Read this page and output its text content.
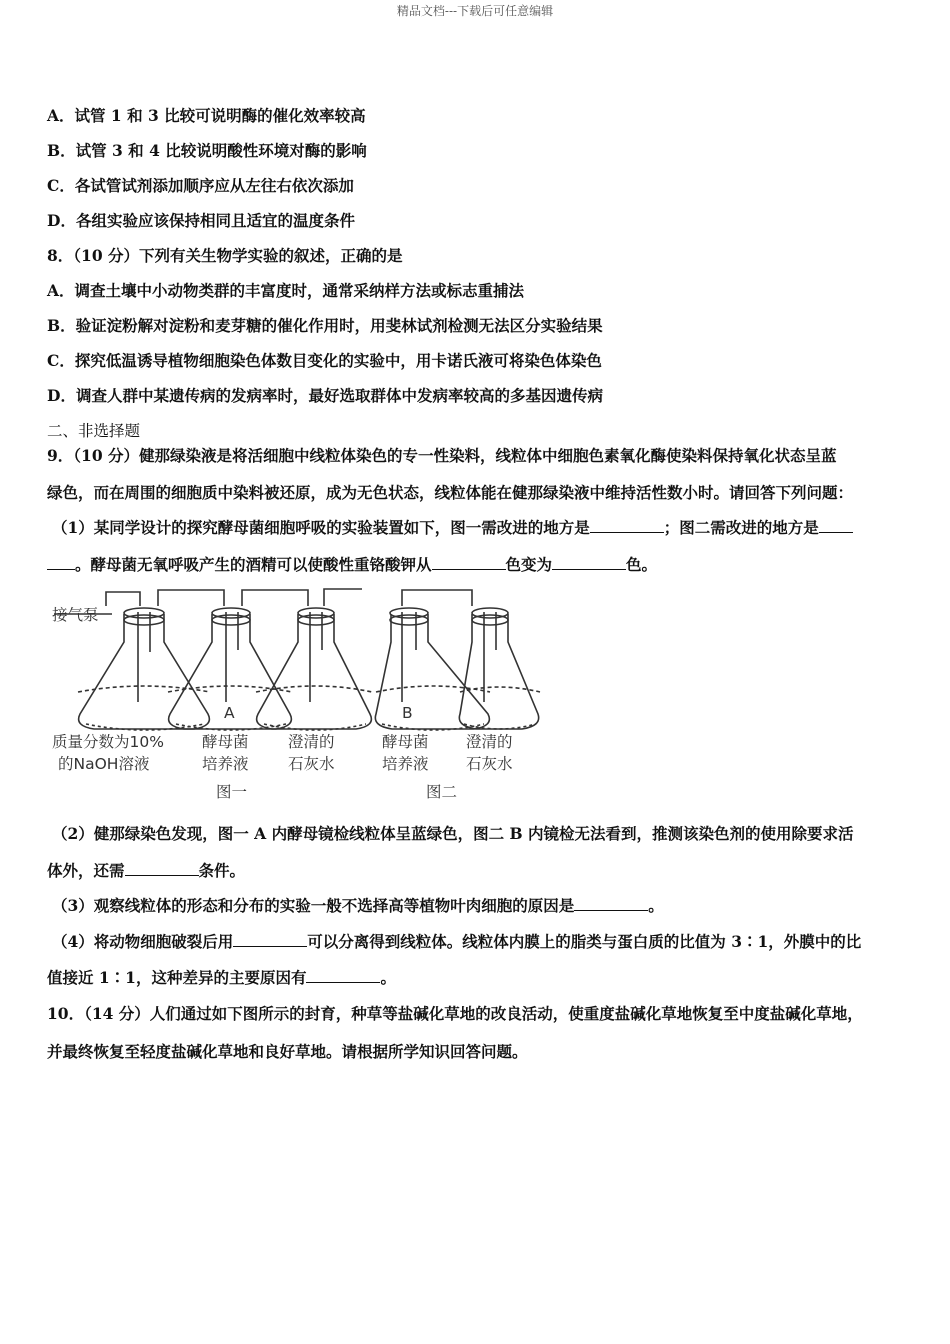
精品文档---下载后可任意编辑
A．试管 1 和 3 比较可说明酶的催化效率较高
B．试管 3 和 4 比较说明酸性环境对酶的影响
C．各试管试剂添加顺序应从左往右依次添加
D．各组实验应该保持相同且适宜的温度条件
8．（10 分）下列有关生物学实验的叙述，正确的是
A．调查土壤中小动物类群的丰富度时，通常采纳样方法或标志重捕法
B．验证淀粉解对淀粉和麦芽糖的催化作用时，用斐林试剂检测无法区分实验结果
C．探究低温诱导植物细胞染色体数目变化的实验中，用卡诺氏液可将染色体染色
D．调查人群中某遗传病的发病率时，最好选取群体中发病率较高的多基因遗传病
二、非选择题
9．（10 分）健那绿染液是将活细胞中线粒体染色的专一性染料，线粒体中细胞色素氧化酶使染料保持氧化状态呈蓝
绿色，而在周围的细胞质中染料被还原，成为无色状态，线粒体能在健那绿染液中维持活性数小时。请回答下列问题：
（1）某同学设计的探究酵母菌细胞呼吸的实验装置如下，图一需改进的地方是	；图二需改进的地方是
。酵母菌无氧呼吸产生的酒精可以使酸性重铬酸钾从	色变为	色。
接气泵
A	B
质量分数为10%
的NaOH溶液
酵母菌
培养液
澄清的
石灰水
酵母菌
培养液
澄清的
石灰水
图一	图二
（2）健那绿染色发现，图一 A 内酵母镜检线粒体呈蓝绿色，图二 B 内镜检无法看到，推测该染色剂的使用除要求活
体外，还需	条件。
（3）观察线粒体的形态和分布的实验一般不选择高等植物叶肉细胞的原因是	。
（4）将动物细胞破裂后用	可以分离得到线粒体。线粒体内膜上的脂类与蛋白质的比值为 3∶1，外膜中的比
值接近 1∶1，这种差异的主要原因有	。
10．（14 分）人们通过如下图所示的封育，种草等盐碱化草地的改良活动，使重度盐碱化草地恢复至中度盐碱化草地，
并最终恢复至轻度盐碱化草地和良好草地。请根据所学知识回答问题。
